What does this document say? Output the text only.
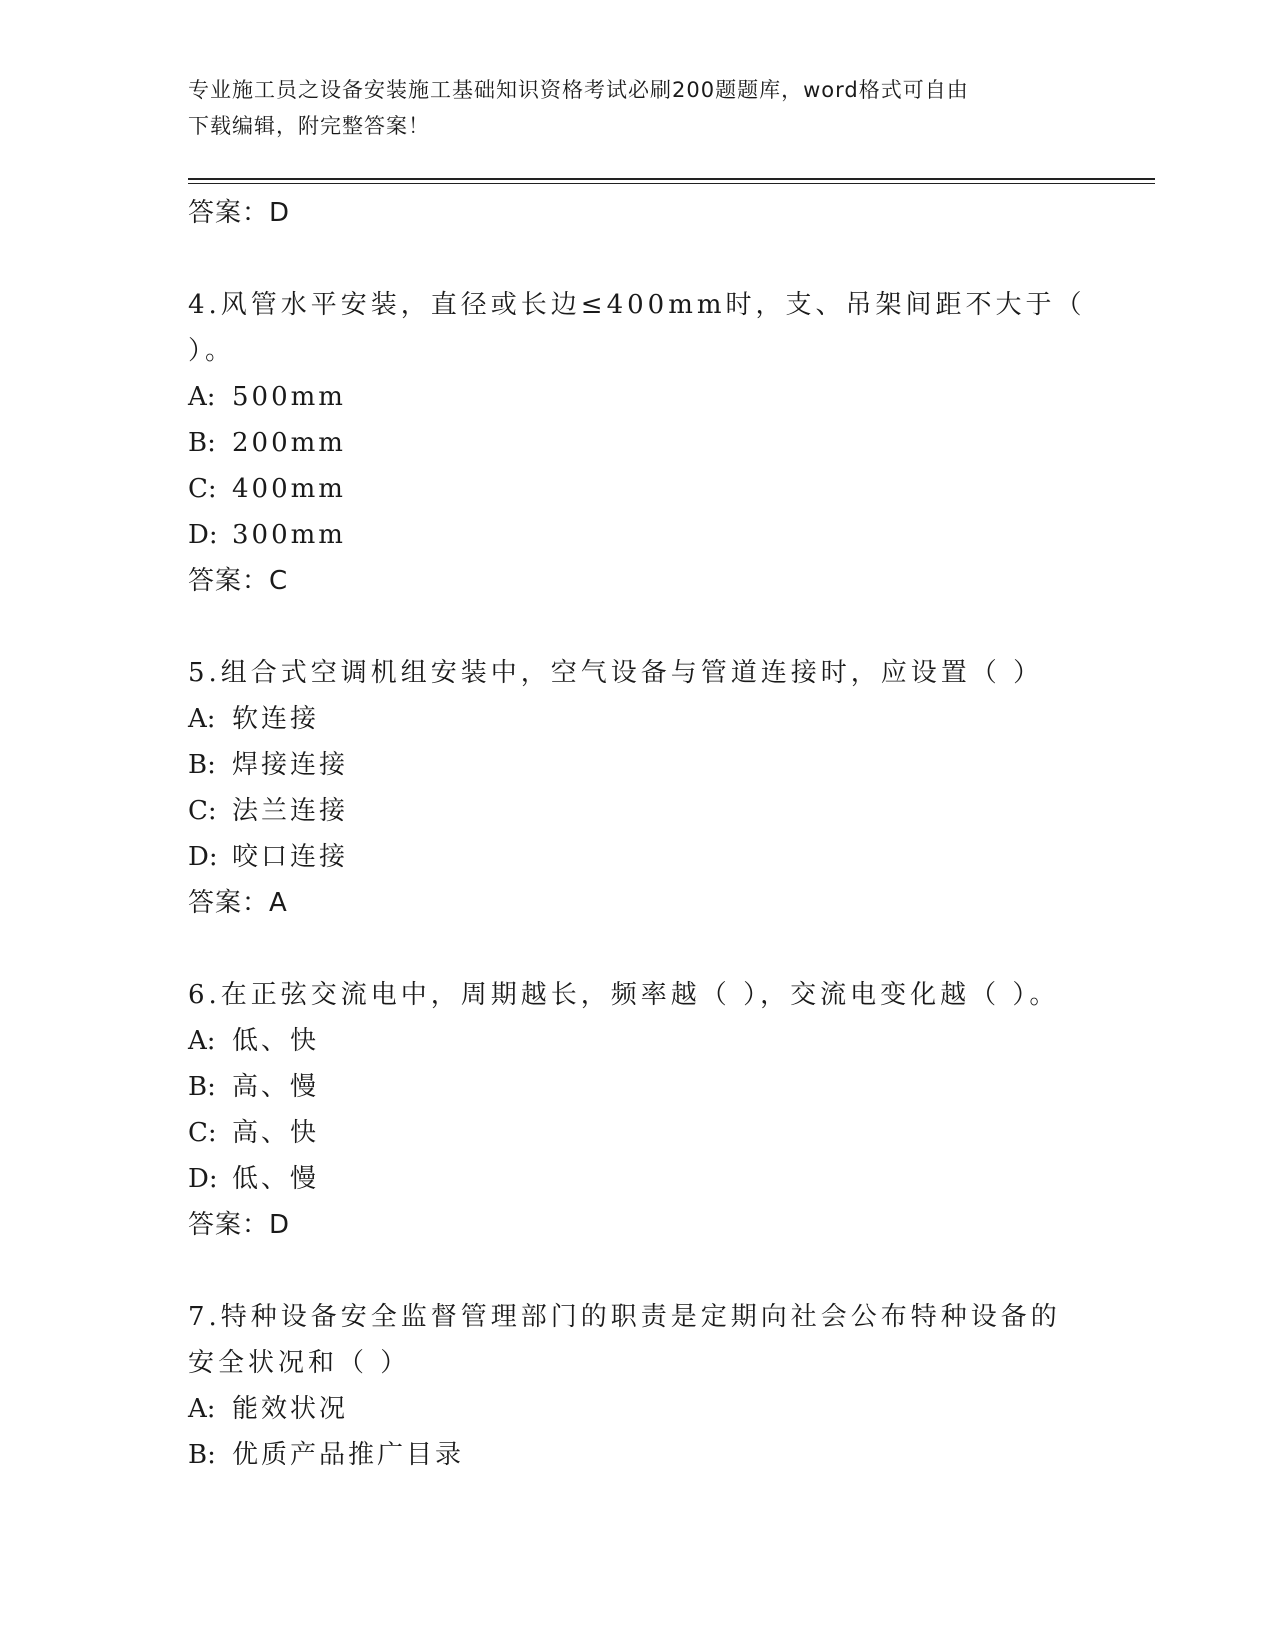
专业施工员之设备安装施工基础知识资格考试必刷200题题库，word格式可自由
下载编辑，附完整答案！
答案：D
4.风管水平安装，直径或长边≤400mm时，支、吊架间距不大于（ ）。
A: 500mm
B: 200mm
C: 400mm
D: 300mm
答案：C
5.组合式空调机组安装中，空气设备与管道连接时，应设置（ ）
A: 软连接
B: 焊接连接
C: 法兰连接
D: 咬口连接
答案：A
6.在正弦交流电中，周期越长，频率越（ ），交流电变化越（ ）。
A: 低、快
B: 高、慢
C: 高、快
D: 低、慢
答案：D
7.特种设备安全监督管理部门的职责是定期向社会公布特种设备的安全状况和（ ）
A: 能效状况
B: 优质产品推广目录
